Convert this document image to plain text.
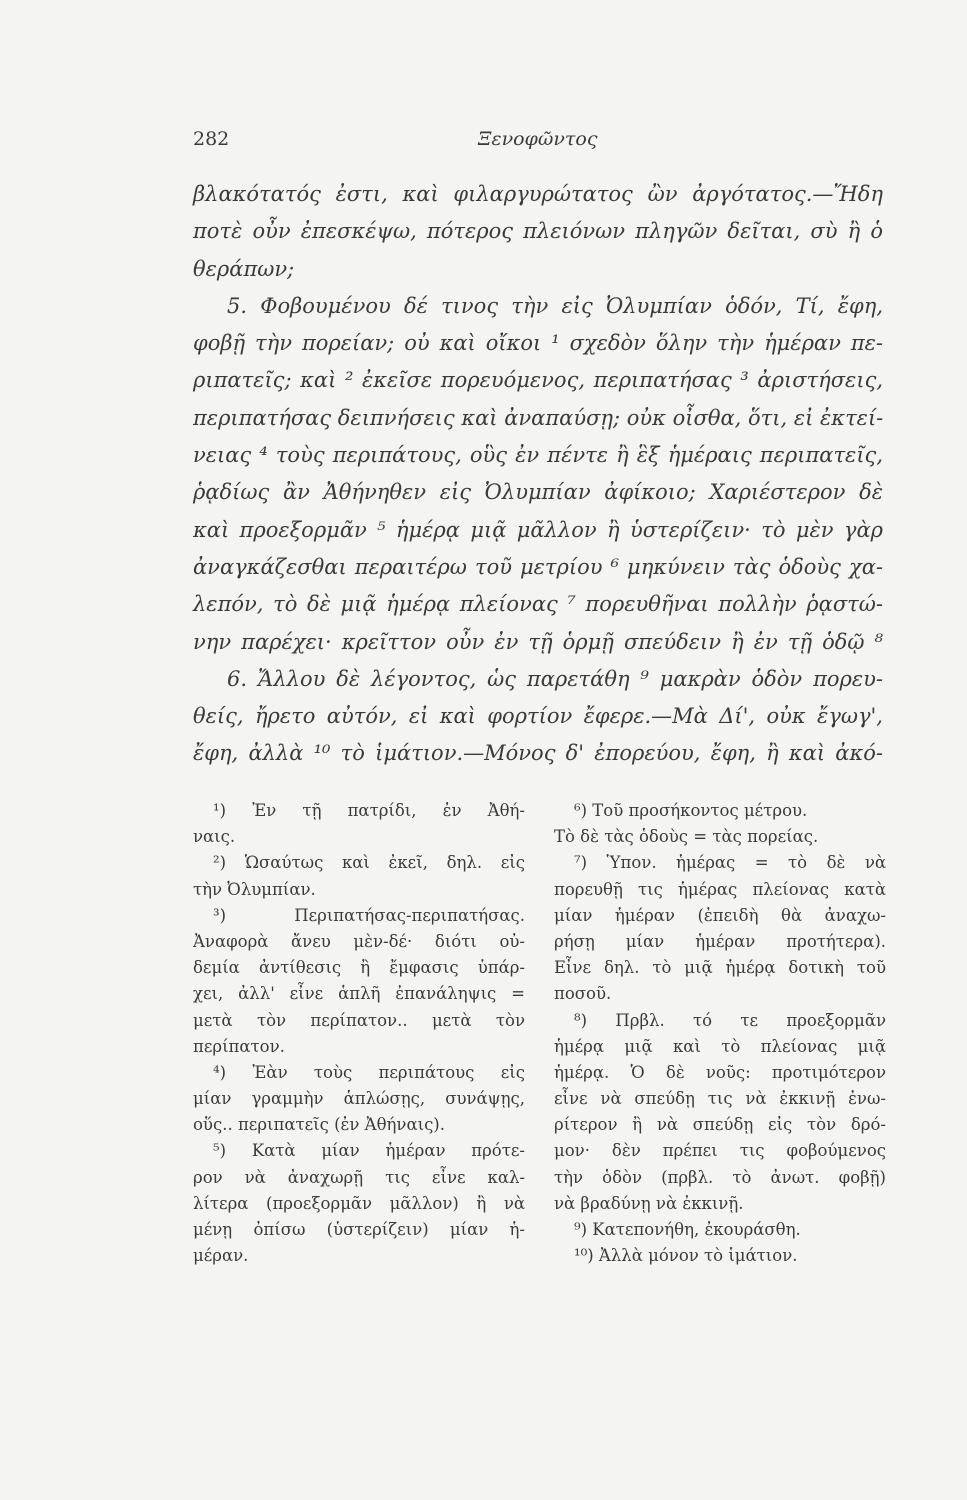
282	Ξενοφῶντος
βλακότατός ἐστι, καὶ φιλαργυρώτατος ὢν ἀργότατος.—Ἤδη
ποτὲ οὖν ἐπεσκέψω, πότερος πλειόνων πληγῶν δεῖται, σὺ ἢ ὁ
θεράπων;
5. Φοβουμένου δέ τινος τὴν εἰς Ὀλυμπίαν ὁδόν, Τί, ἔφη,
φοβῇ τὴν πορείαν; οὐ καὶ οἴκοι ¹ σχεδὸν ὅλην τὴν ἡμέραν πε-
ριπατεῖς; καὶ ² ἐκεῖσε πορευόμενος, περιπατήσας ³ ἀριστήσεις,
περιπατήσας δειπνήσεις καὶ ἀναπαύσῃ; οὐκ οἶσθα, ὅτι, εἰ ἐκτεί-
νειας ⁴ τοὺς περιπάτους, οὓς ἐν πέντε ἢ ἓξ ἡμέραις περιπατεῖς,
ῥᾳδίως ἂν Ἀθήνηθεν εἰς Ὀλυμπίαν ἀφίκοιο; Χαριέστερον δὲ
καὶ προεξορμᾶν ⁵ ἡμέρᾳ μιᾷ μᾶλλον ἢ ὑστερίζειν· τὸ μὲν γὰρ
ἀναγκάζεσθαι περαιτέρω τοῦ μετρίου ⁶ μηκύνειν τὰς ὁδοὺς χα-
λεπόν, τὸ δὲ μιᾷ ἡμέρᾳ πλείονας ⁷ πορευθῆναι πολλὴν ῥᾳστώ-
νην παρέχει· κρεῖττον οὖν ἐν τῇ ὁρμῇ σπεύδειν ἢ ἐν τῇ ὁδῷ ⁸
6. Ἄλλου δὲ λέγοντος, ὡς παρετάθη ⁹ μακρὰν ὁδὸν πορευ-
θείς, ἤρετο αὐτόν, εἰ καὶ φορτίον ἔφερε.—Μὰ Δί', οὐκ ἔγωγ',
ἔφη, ἀλλὰ ¹⁰ τὸ ἱμάτιον.—Μόνος δ' ἐπορεύου, ἔφη, ἢ καὶ ἀκό-
¹) Ἐν τῇ πατρίδι, ἐν Ἀθή-
ναις.
²) Ὡσαύτως καὶ ἐκεῖ, δηλ. εἰς
τὴν Ὀλυμπίαν.
³) Περιπατήσας-περιπατήσας.
Ἀναφορὰ ἄνευ μὲν-δέ· διότι οὐ-
δεμία ἀντίθεσις ἢ ἔμφασις ὑπάρ-
χει, ἀλλ' εἶνε ἁπλῆ ἐπανάληψις =
μετὰ τὸν περίπατον.. μετὰ τὸν
περίπατον.
⁴) Ἐὰν τοὺς περιπάτους εἰς
μίαν γραμμὴν ἁπλώσῃς, συνάψῃς,
οὕς.. περιπατεῖς (ἐν Ἀθήναις).
⁵) Κατὰ μίαν ἡμέραν πρότε-
ρον νὰ ἀναχωρῇ τις εἶνε καλ-
λίτερα (προεξορμᾶν μᾶλλον) ἢ νὰ
μένῃ ὀπίσω (ὑστερίζειν) μίαν ἡ-
μέραν.
⁶) Τοῦ προσήκοντος μέτρου.
Τὸ δὲ τὰς ὁδοὺς = τὰς πορείας.
⁷) Ὑπον. ἡμέρας = τὸ δὲ νὰ
πορευθῇ τις ἡμέρας πλείονας κατὰ
μίαν ἡμέραν (ἐπειδὴ θὰ ἀναχω-
ρήσῃ μίαν ἡμέραν προτήτερα).
Εἶνε δηλ. τὸ μιᾷ ἡμέρᾳ δοτικὴ τοῦ
ποσοῦ.
⁸) Πρβλ. τό τε προεξορμᾶν
ἡμέρᾳ μιᾷ καὶ τὸ πλείονας μιᾷ
ἡμέρᾳ. Ὁ δὲ νοῦς: προτιμότερον
εἶνε νὰ σπεύδῃ τις νὰ ἐκκινῇ ἐνω-
ρίτερον ἢ νὰ σπεύδῃ εἰς τὸν δρό-
μον· δὲν πρέπει τις φοβούμενος
τὴν ὁδὸν (πρβλ. τὸ ἀνωτ. φοβῇ)
νὰ βραδύνῃ νὰ ἐκκινῇ.
⁹) Κατεπονήθη, ἐκουράσθη.
¹⁰) Ἀλλὰ μόνον τὸ ἱμάτιον.
